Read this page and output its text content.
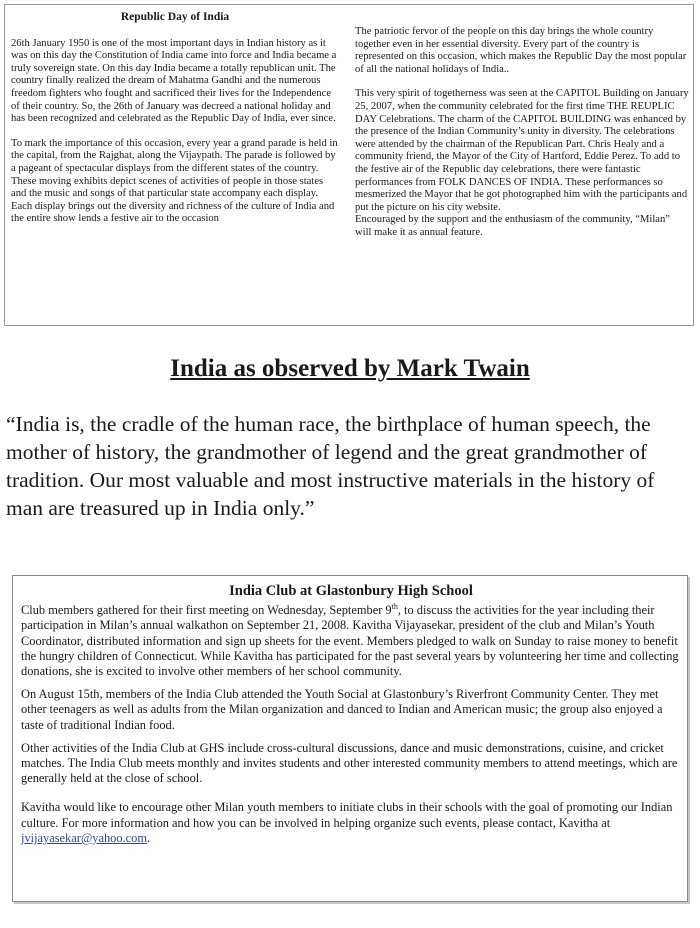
Republic Day of India

26th January 1950 is one of the most important days in Indian history as it was on this day the Constitution of India came into force and India became a truly sovereign state. On this day India became a totally republican unit. The country finally realized the dream of Mahatma Gandhi and the numerous freedom fighters who fought and sacrificed their lives for the Independence of their country. So, the 26th of January was decreed a national holiday and has been recognized and celebrated as the Republic Day of India, ever since.

To mark the importance of this occasion, every year a grand parade is held in the capital, from the Rajghat, along the Vijaypath. The parade is followed by a pageant of spectacular displays from the different states of the country. These moving exhibits depict scenes of activities of people in those states and the music and songs of that particular state accompany each display. Each display brings out the diversity and richness of the culture of India and the entire show lends a festive air to the occasion

The patriotic fervor of the people on this day brings the whole country together even in her essential diversity. Every part of the country is represented on this occasion, which makes the Republic Day the most popular of all the national holidays of India..

This very spirit of togetherness was seen at the CAPITOL Building on January 25, 2007, when the community celebrated for the first time THE REUPLIC DAY Celebrations. The charm of the CAPITOL BUILDING was enhanced by the presence of the Indian Community’s unity in diversity. The celebrations were attended by the chairman of the Republican Part. Chris Healy and a community friend, the Mayor of the City of Hartford, Eddie Perez. To add to the festive air of the Republic day celebrations, there were fantastic performances from FOLK DANCES OF INDIA. These performances so mesmerized the Mayor that he got photographed him with the participants and put the picture on his city website.

Encouraged by the support and the enthusiasm of the community, “Milan” will make it as annual feature.

India as observed by Mark Twain

“India is, the cradle of the human race, the birthplace of human speech, the mother of history, the grandmother of legend and the great grandmother of tradition. Our most valuable and most instructive materials in the history of man are treasured up in India only.”

India Club at Glastonbury High School

Club members gathered for their first meeting on Wednesday, September 9th, to discuss the activities for the year including their participation in Milan’s annual walkathon on September 21, 2008. Kavitha Vijayasekar, president of the club and Milan’s Youth Coordinator, distributed information and sign up sheets for the event. Members pledged to walk on Sunday to raise money to benefit the hungry children of Connecticut. While Kavitha has participated for the past several years by volunteering her time and collecting donations, she is excited to involve other members of her school community.

On August 15th, members of the India Club attended the Youth Social at Glastonbury’s Riverfront Community Center. They met other teenagers as well as adults from the Milan organization and danced to Indian and American music; the group also enjoyed a taste of traditional Indian food.

Other activities of the India Club at GHS include cross-cultural discussions, dance and music demonstrations, cuisine, and cricket matches. The India Club meets monthly and invites students and other interested community members to attend meetings, which are generally held at the close of school.

Kavitha would like to encourage other Milan youth members to initiate clubs in their schools with the goal of promoting our Indian culture. For more information and how you can be involved in helping organize such events, please contact, Kavitha at jvijayasekar@yahoo.com.
